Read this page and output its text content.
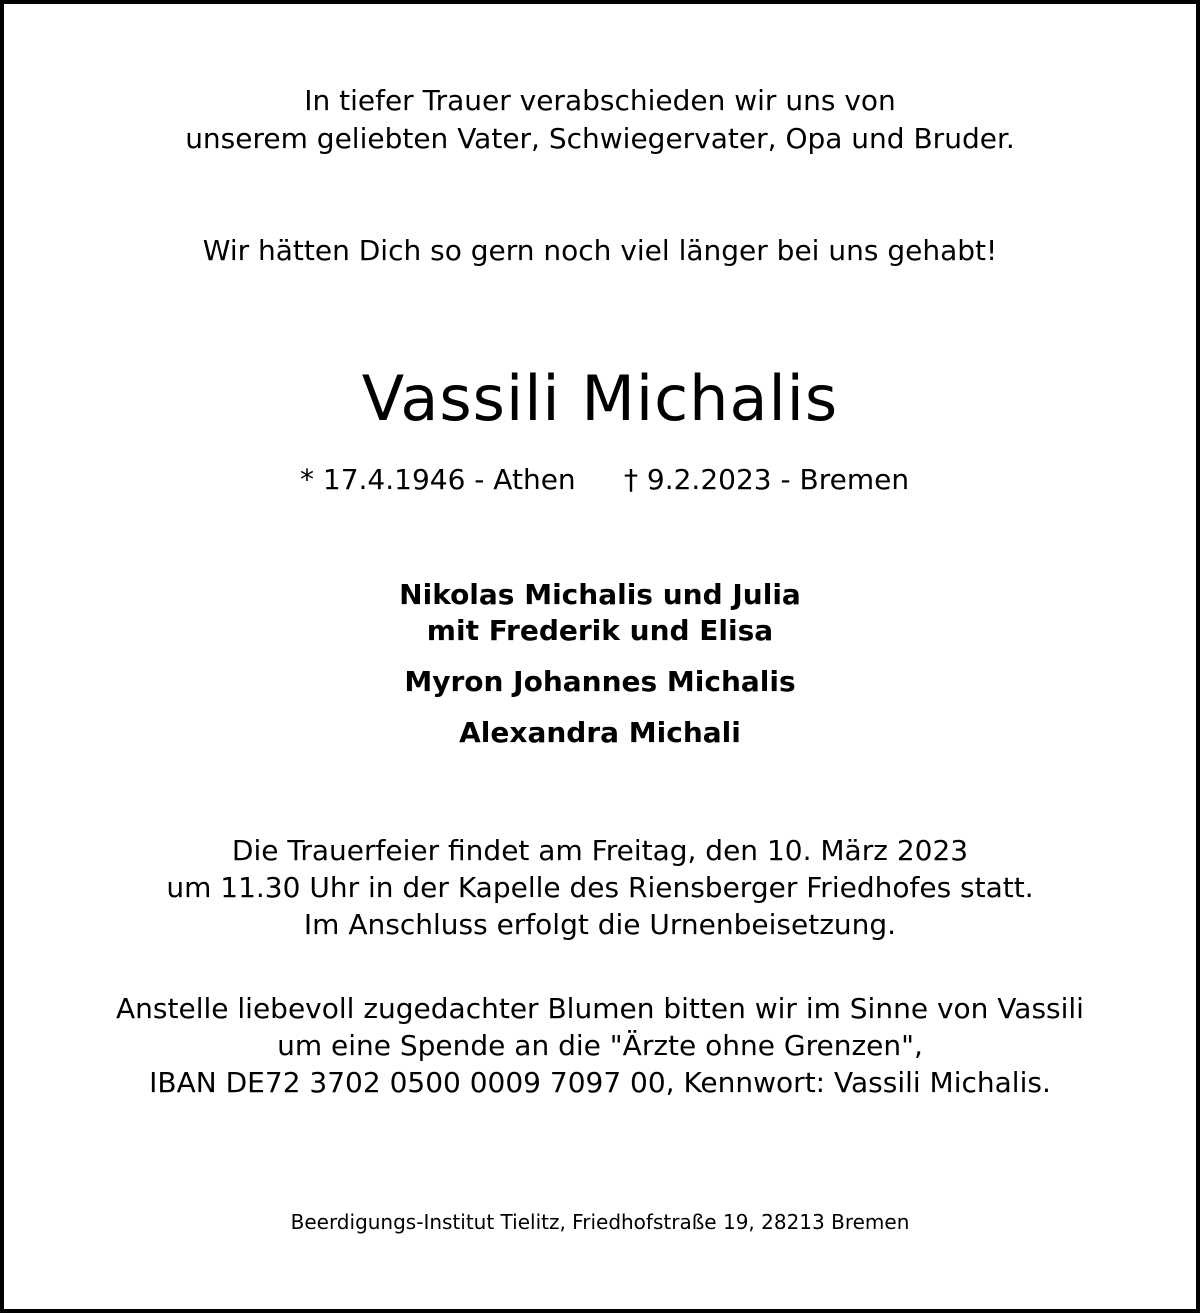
In tiefer Trauer verabschieden wir uns von
unserem geliebten Vater, Schwiegervater, Opa und Bruder.
Wir hätten Dich so gern noch viel länger bei uns gehabt!
Vassili Michalis
* 17.4.1946 - Athen † 9.2.2023 - Bremen
Nikolas Michalis und Julia
mit Frederik und Elisa
Myron Johannes Michalis
Alexandra Michali
Die Trauerfeier findet am Freitag, den 10. März 2023
um 11.30 Uhr in der Kapelle des Riensberger Friedhofes statt.
Im Anschluss erfolgt die Urnenbeisetzung.
Anstelle liebevoll zugedachter Blumen bitten wir im Sinne von Vassili
um eine Spende an die "Ärzte ohne Grenzen",
IBAN DE72 3702 0500 0009 7097 00, Kennwort: Vassili Michalis.
Beerdigungs-Institut Tielitz, Friedhofstraße 19, 28213 Bremen
